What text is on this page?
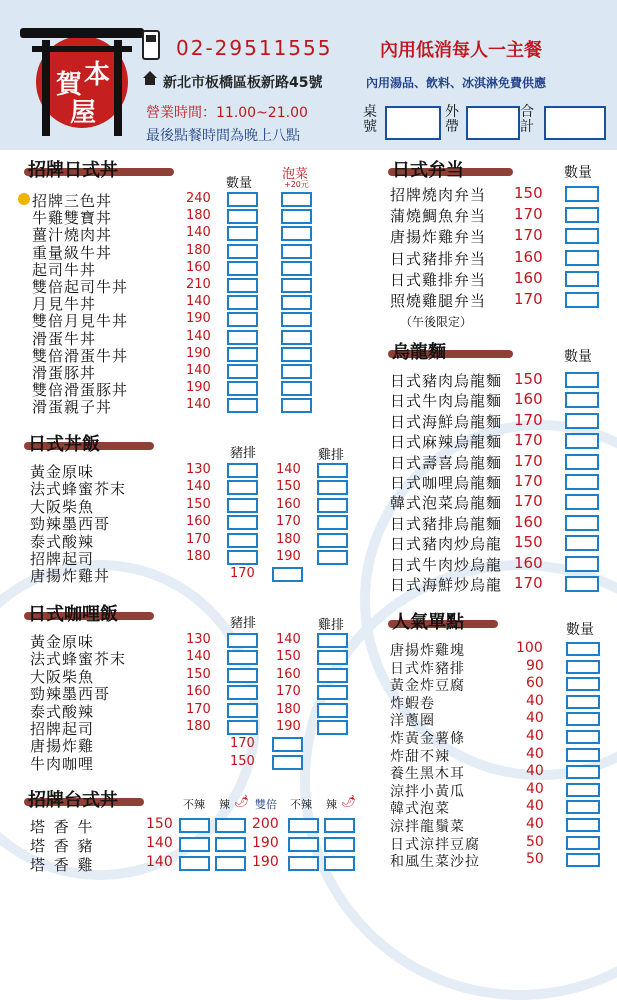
賀 本
屋
02-29511555
新北市板橋區板新路45號
營業時間：11.00~21.00
最後點餐時間為晚上八點
內用低消每人一主餐
內用湯品、飲料、冰淇淋免費供應
桌號
外帶
合計
招牌日式丼
數量
泡菜
+20元
招牌三色丼	240
牛雞雙寶丼	180
薑汁燒肉丼	140
重量級牛丼	180
起司牛丼	160
雙倍起司牛丼	210
月見牛丼	140
雙倍月見牛丼	190
滑蛋牛丼	140
雙倍滑蛋牛丼	190
滑蛋豚丼	140
雙倍滑蛋豚丼	190
滑蛋親子丼	140
日式丼飯	豬排	雞排
黃金原味	130	140
法式蜂蜜芥末	140	150
大阪柴魚	150	160
勁辣墨西哥	160	170
泰式酸辣	170	180
招牌起司	180	190
唐揚炸雞丼	170
日式咖哩飯	豬排	雞排
黃金原味	130	140
法式蜂蜜芥末	140	150
大阪柴魚	150	160
勁辣墨西哥	160	170
泰式酸辣	170	180
招牌起司	180	190
唐揚炸雞	170
牛肉咖哩	150
招牌台式丼	不辣 辣 🌶 雙倍 不辣 辣 🌶
塔 香 牛	150	200
塔 香 豬	140	190
塔 香 雞	140	190
日式弁当	數量
招牌燒肉弁当 150
蒲燒鯛魚弁当 170
唐揚炸雞弁当 170
日式豬排弁当 160
日式雞排弁当 160
照燒雞腿弁当 170
（午後限定）
烏龍麵	數量
日式豬肉烏龍麵 150
日式牛肉烏龍麵 160
日式海鮮烏龍麵 170
日式麻辣烏龍麵 170
日式壽喜烏龍麵 170
日式咖哩烏龍麵 170
韓式泡菜烏龍麵 170
日式豬排烏龍麵 160
日式豬肉炒烏龍 150
日式牛肉炒烏龍 160
日式海鮮炒烏龍 170
人氣單點	數量
唐揚炸雞塊	100
日式炸豬排	90
黃金炸豆腐	60
炸蝦卷	40
洋蔥圈	40
炸黃金薯條	40
炸甜不辣	40
養生黑木耳	40
涼拌小黃瓜	40
韓式泡菜	40
涼拌龍鬚菜	40
日式涼拌豆腐	50
和風生菜沙拉	50
